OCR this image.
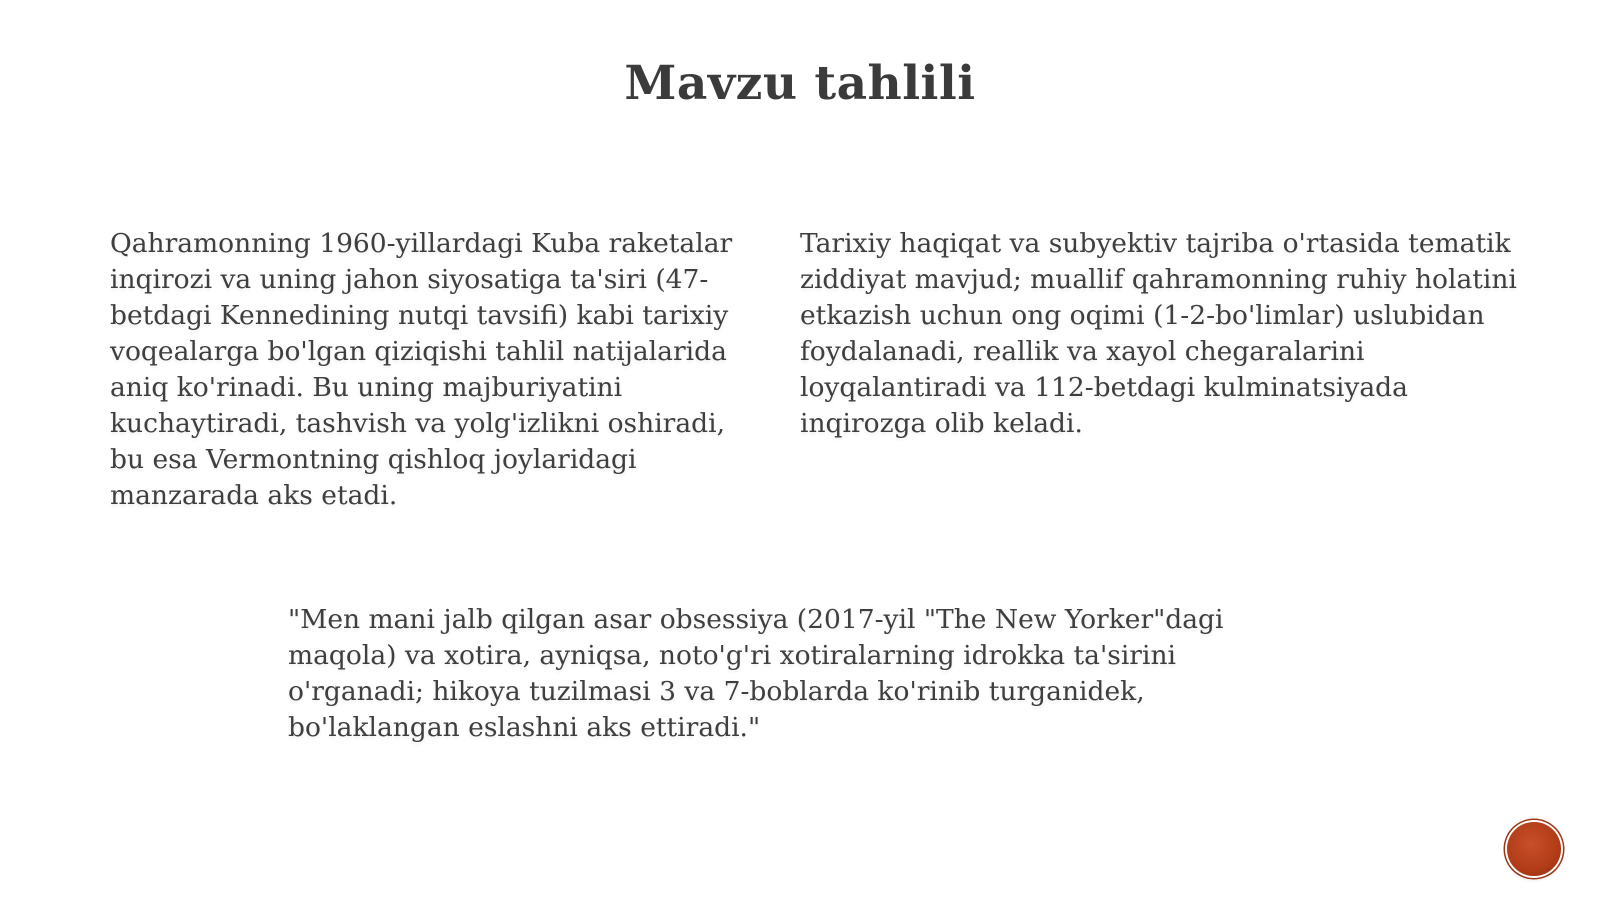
Mavzu tahlili

Qahramonning 1960-yillardagi Kuba raketalar inqirozi va uning jahon siyosatiga ta'siri (47-betdagi Kennedining nutqi tavsifi) kabi tarixiy voqealarga bo'lgan qiziqishi tahlil natijalarida aniq ko'rinadi. Bu uning majburiyatini kuchaytiradi, tashvish va yolg'izlikni oshiradi, bu esa Vermontning qishloq joylaridagi manzarada aks etadi.

Tarixiy haqiqat va subyektiv tajriba o'rtasida tematik ziddiyat mavjud; muallif qahramonning ruhiy holatini etkazish uchun ong oqimi (1-2-bo'limlar) uslubidan foydalanadi, reallik va xayol chegaralarini loyqalantiradi va 112-betdagi kulminatsiyada inqirozga olib keladi.

"Men mani jalb qilgan asar obsessiya (2017-yil "The New Yorker"dagi maqola) va xotira, ayniqsa, noto'g'ri xotiralarning idrokka ta'sirini o'rganadi; hikoya tuzilmasi 3 va 7-boblarda ko'rinib turganidek, bo'laklangan eslashni aks ettiradi."
